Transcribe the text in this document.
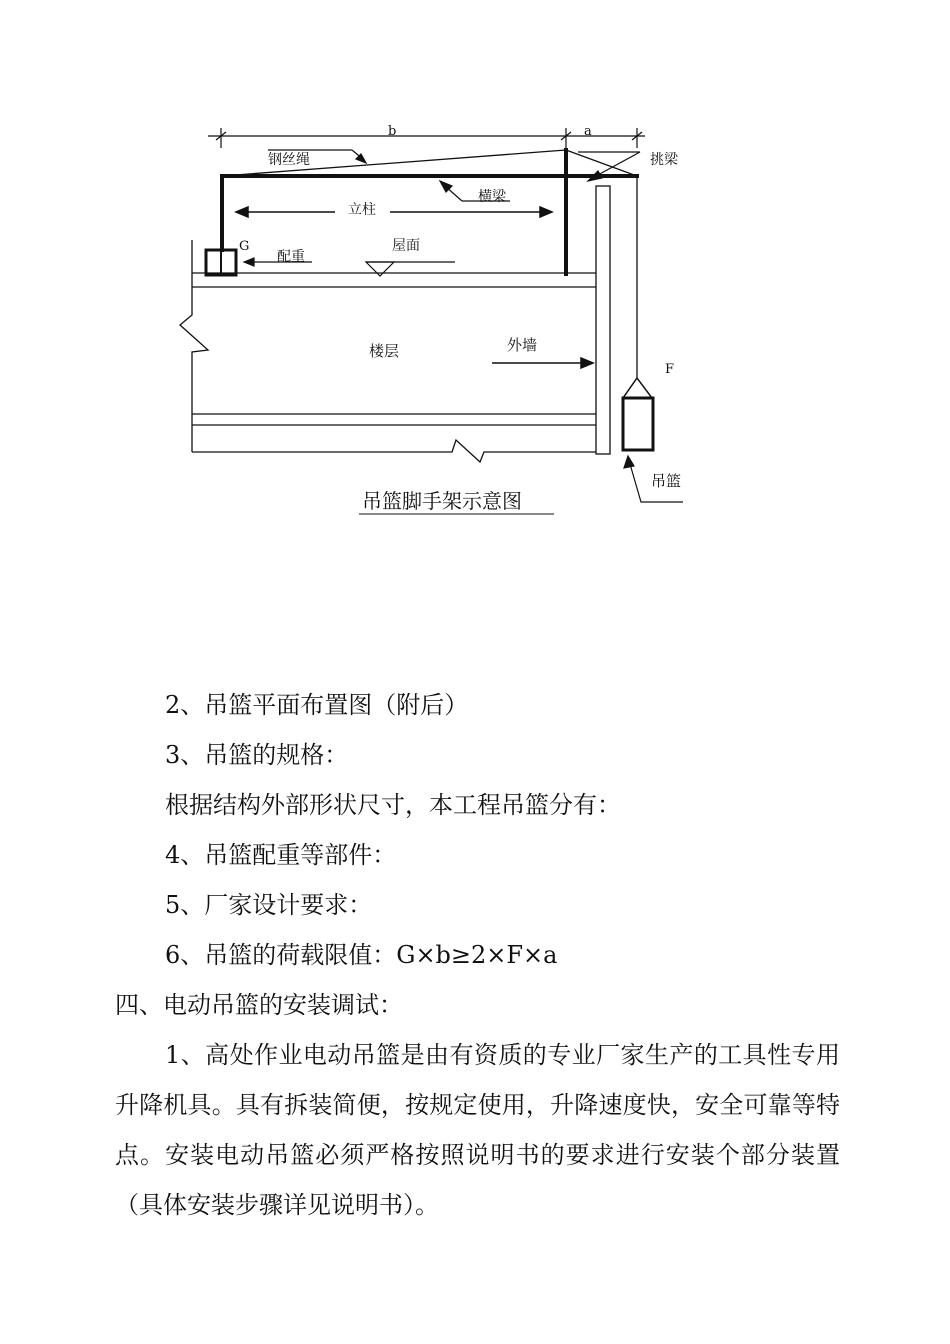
b	a
钢丝绳	挑梁
横梁
立柱
G
配重
屋面
楼层	外墙
F
吊篮
吊篮脚手架示意图

2、吊篮平面布置图（附后）

3、吊篮的规格：

根据结构外部形状尺寸，本工程吊篮分有：

4、吊篮配重等部件：

5、厂家设计要求：

6、吊篮的荷载限值：G×b≥2×F×a

四、电动吊篮的安装调试：

1、高处作业电动吊篮是由有资质的专业厂家生产的工具性专用升降机具。具有拆装简便，按规定使用，升降速度快，安全可靠等特点。安装电动吊篮必须严格按照说明书的要求进行安装个部分装置（具体安装步骤详见说明书）。
